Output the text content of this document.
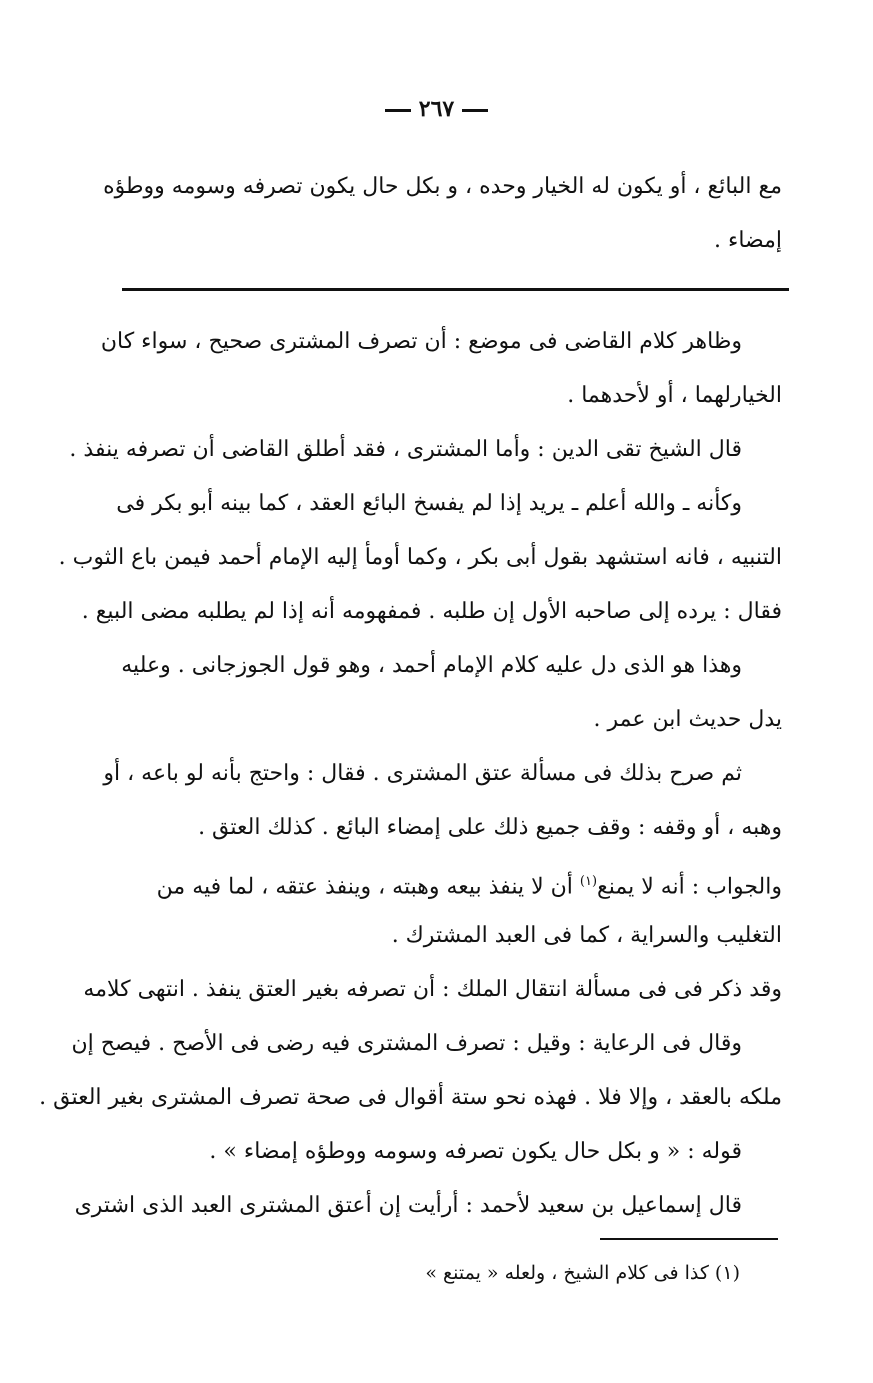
٢٦٧
مع البائع ، أو يكون له الخيار وحده ، و بكل حال يكون تصرفه وسومه ووطؤه
إمضاء .
وظاهر كلام القاضى فى موضع : أن تصرف المشترى صحيح ، سواء كان
الخيارلهما ، أو لأحدهما .
قال الشيخ تقى الدين : وأما المشترى ، فقد أطلق القاضى أن تصرفه ينفذ .
وكأنه ـ والله أعلم ـ يريد إذا لم يفسخ البائع العقد ، كما بينه أبو بكر فى
التنبيه ، فانه استشهد بقول أبى بكر ، وكما أومأ إليه الإمام أحمد فيمن باع الثوب .
فقال : يرده إلى صاحبه الأول إن طلبه . فمفهومه أنه إذا لم يطلبه مضى البيع .
وهذا هو الذى دل عليه كلام الإمام أحمد ، وهو قول الجوزجانى . وعليه
يدل حديث ابن عمر .
ثم صرح بذلك فى مسألة عتق المشترى . فقال : واحتج بأنه لو باعه ، أو
وهبه ، أو وقفه : وقف جميع ذلك على إمضاء البائع . كذلك العتق .
والجواب : أنه لا يمنع$^{(١)}$ أن لا ينفذ بيعه وهبته ، وينفذ عتقه ، لما فيه من
التغليب والسراية ، كما فى العبد المشترك .
وقد ذكر فى فى مسألة انتقال الملك : أن تصرفه بغير العتق ينفذ . انتهى كلامه
وقال فى الرعاية : وقيل : تصرف المشترى فيه رضى فى الأصح . فيصح إن
ملكه بالعقد ، وإلا فلا . فهذه نحو ستة أقوال فى صحة تصرف المشترى بغير العتق .
قوله : « و بكل حال يكون تصرفه وسومه ووطؤه إمضاء » .
قال إسماعيل بن سعيد لأحمد : أرأيت إن أعتق المشترى العبد الذى اشترى
(١) كذا فى كلام الشيخ ، ولعله « يمتنع »
